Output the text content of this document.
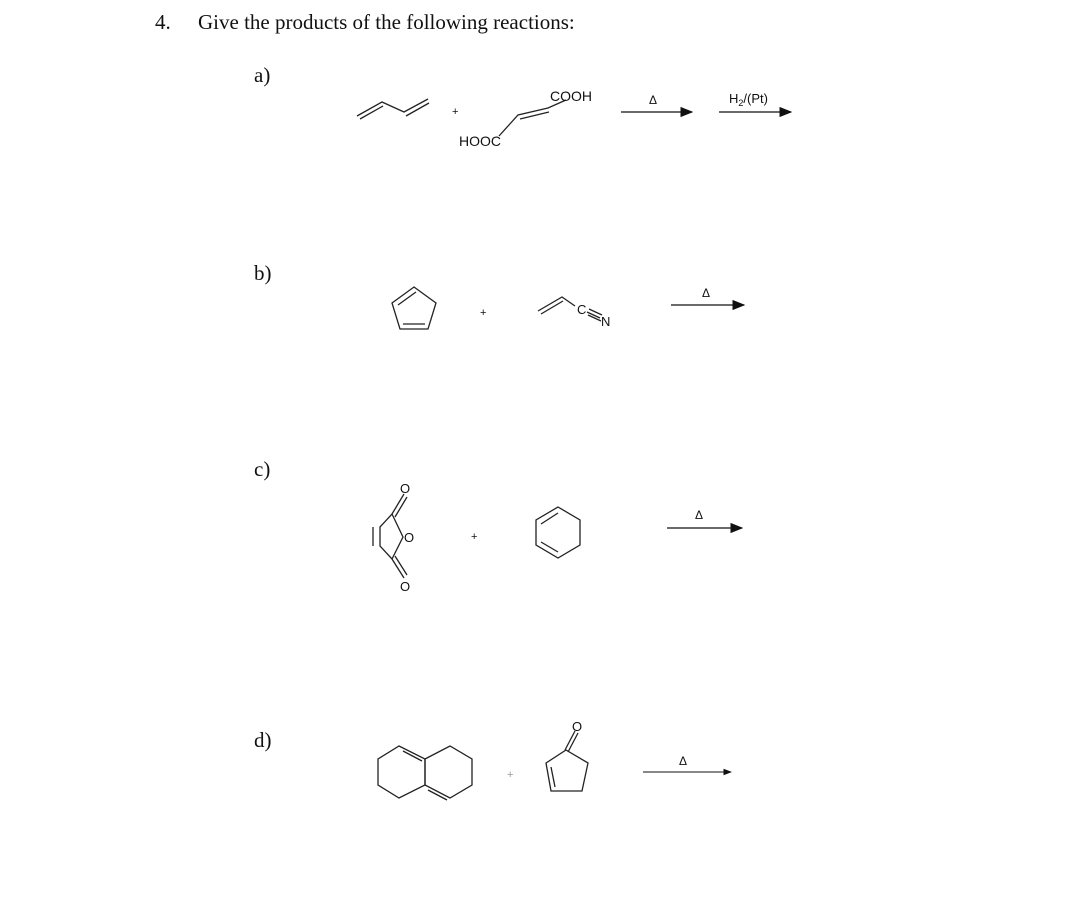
4. Give the products of the following reactions:
a)
b)
c)
d)
+
COOH
HOOC
Δ	$H_2/(Pt)$
+	C
N
Δ
O
O
O
+
Δ
+
O
Δ
